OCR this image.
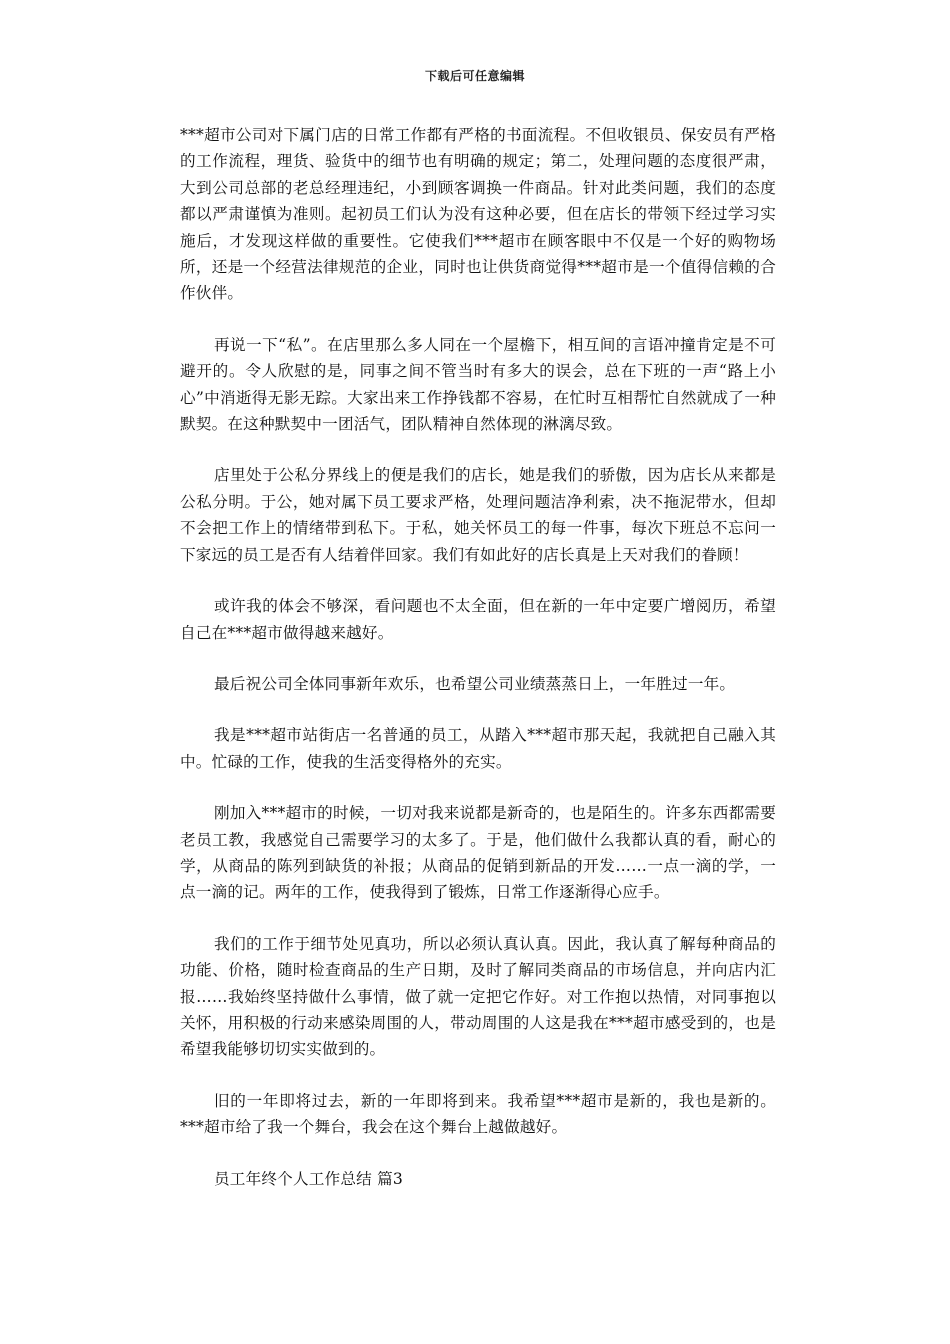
下载后可任意编辑

***超市公司对下属门店的日常工作都有严格的书面流程。不但收银员、保安员有严格的工作流程，理货、验货中的细节也有明确的规定；第二，处理问题的态度很严肃，大到公司总部的老总经理违纪，小到顾客调换一件商品。针对此类问题，我们的态度都以严肃谨慎为准则。起初员工们认为没有这种必要，但在店长的带领下经过学习实施后，才发现这样做的重要性。它使我们***超市在顾客眼中不仅是一个好的购物场所，还是一个经营法律规范的企业，同时也让供货商觉得***超市是一个值得信赖的合作伙伴。

再说一下“私”。在店里那么多人同在一个屋檐下，相互间的言语冲撞肯定是不可避开的。令人欣慰的是，同事之间不管当时有多大的误会，总在下班的一声“路上小心”中消逝得无影无踪。大家出来工作挣钱都不容易，在忙时互相帮忙自然就成了一种默契。在这种默契中一团活气，团队精神自然体现的淋漓尽致。

店里处于公私分界线上的便是我们的店长，她是我们的骄傲，因为店长从来都是公私分明。于公，她对属下员工要求严格，处理问题洁净利索，决不拖泥带水，但却不会把工作上的情绪带到私下。于私，她关怀员工的每一件事，每次下班总不忘问一下家远的员工是否有人结着伴回家。我们有如此好的店长真是上天对我们的眷顾！

或许我的体会不够深，看问题也不太全面，但在新的一年中定要广增阅历，希望自己在***超市做得越来越好。

最后祝公司全体同事新年欢乐，也希望公司业绩蒸蒸日上，一年胜过一年。

我是***超市站街店一名普通的员工，从踏入***超市那天起，我就把自己融入其中。忙碌的工作，使我的生活变得格外的充实。

刚加入***超市的时候，一切对我来说都是新奇的，也是陌生的。许多东西都需要老员工教，我感觉自己需要学习的太多了。于是，他们做什么我都认真的看，耐心的学，从商品的陈列到缺货的补报；从商品的促销到新品的开发……一点一滴的学，一点一滴的记。两年的工作，使我得到了锻炼，日常工作逐渐得心应手。

我们的工作于细节处见真功，所以必须认真认真。因此，我认真了解每种商品的功能、价格，随时检查商品的生产日期，及时了解同类商品的市场信息，并向店内汇报……我始终坚持做什么事情，做了就一定把它作好。对工作抱以热情，对同事抱以关怀，用积极的行动来感染周围的人，带动周围的人这是我在***超市感受到的，也是希望我能够切切实实做到的。

旧的一年即将过去，新的一年即将到来。我希望***超市是新的，我也是新的。***超市给了我一个舞台，我会在这个舞台上越做越好。

员工年终个人工作总结 篇3
